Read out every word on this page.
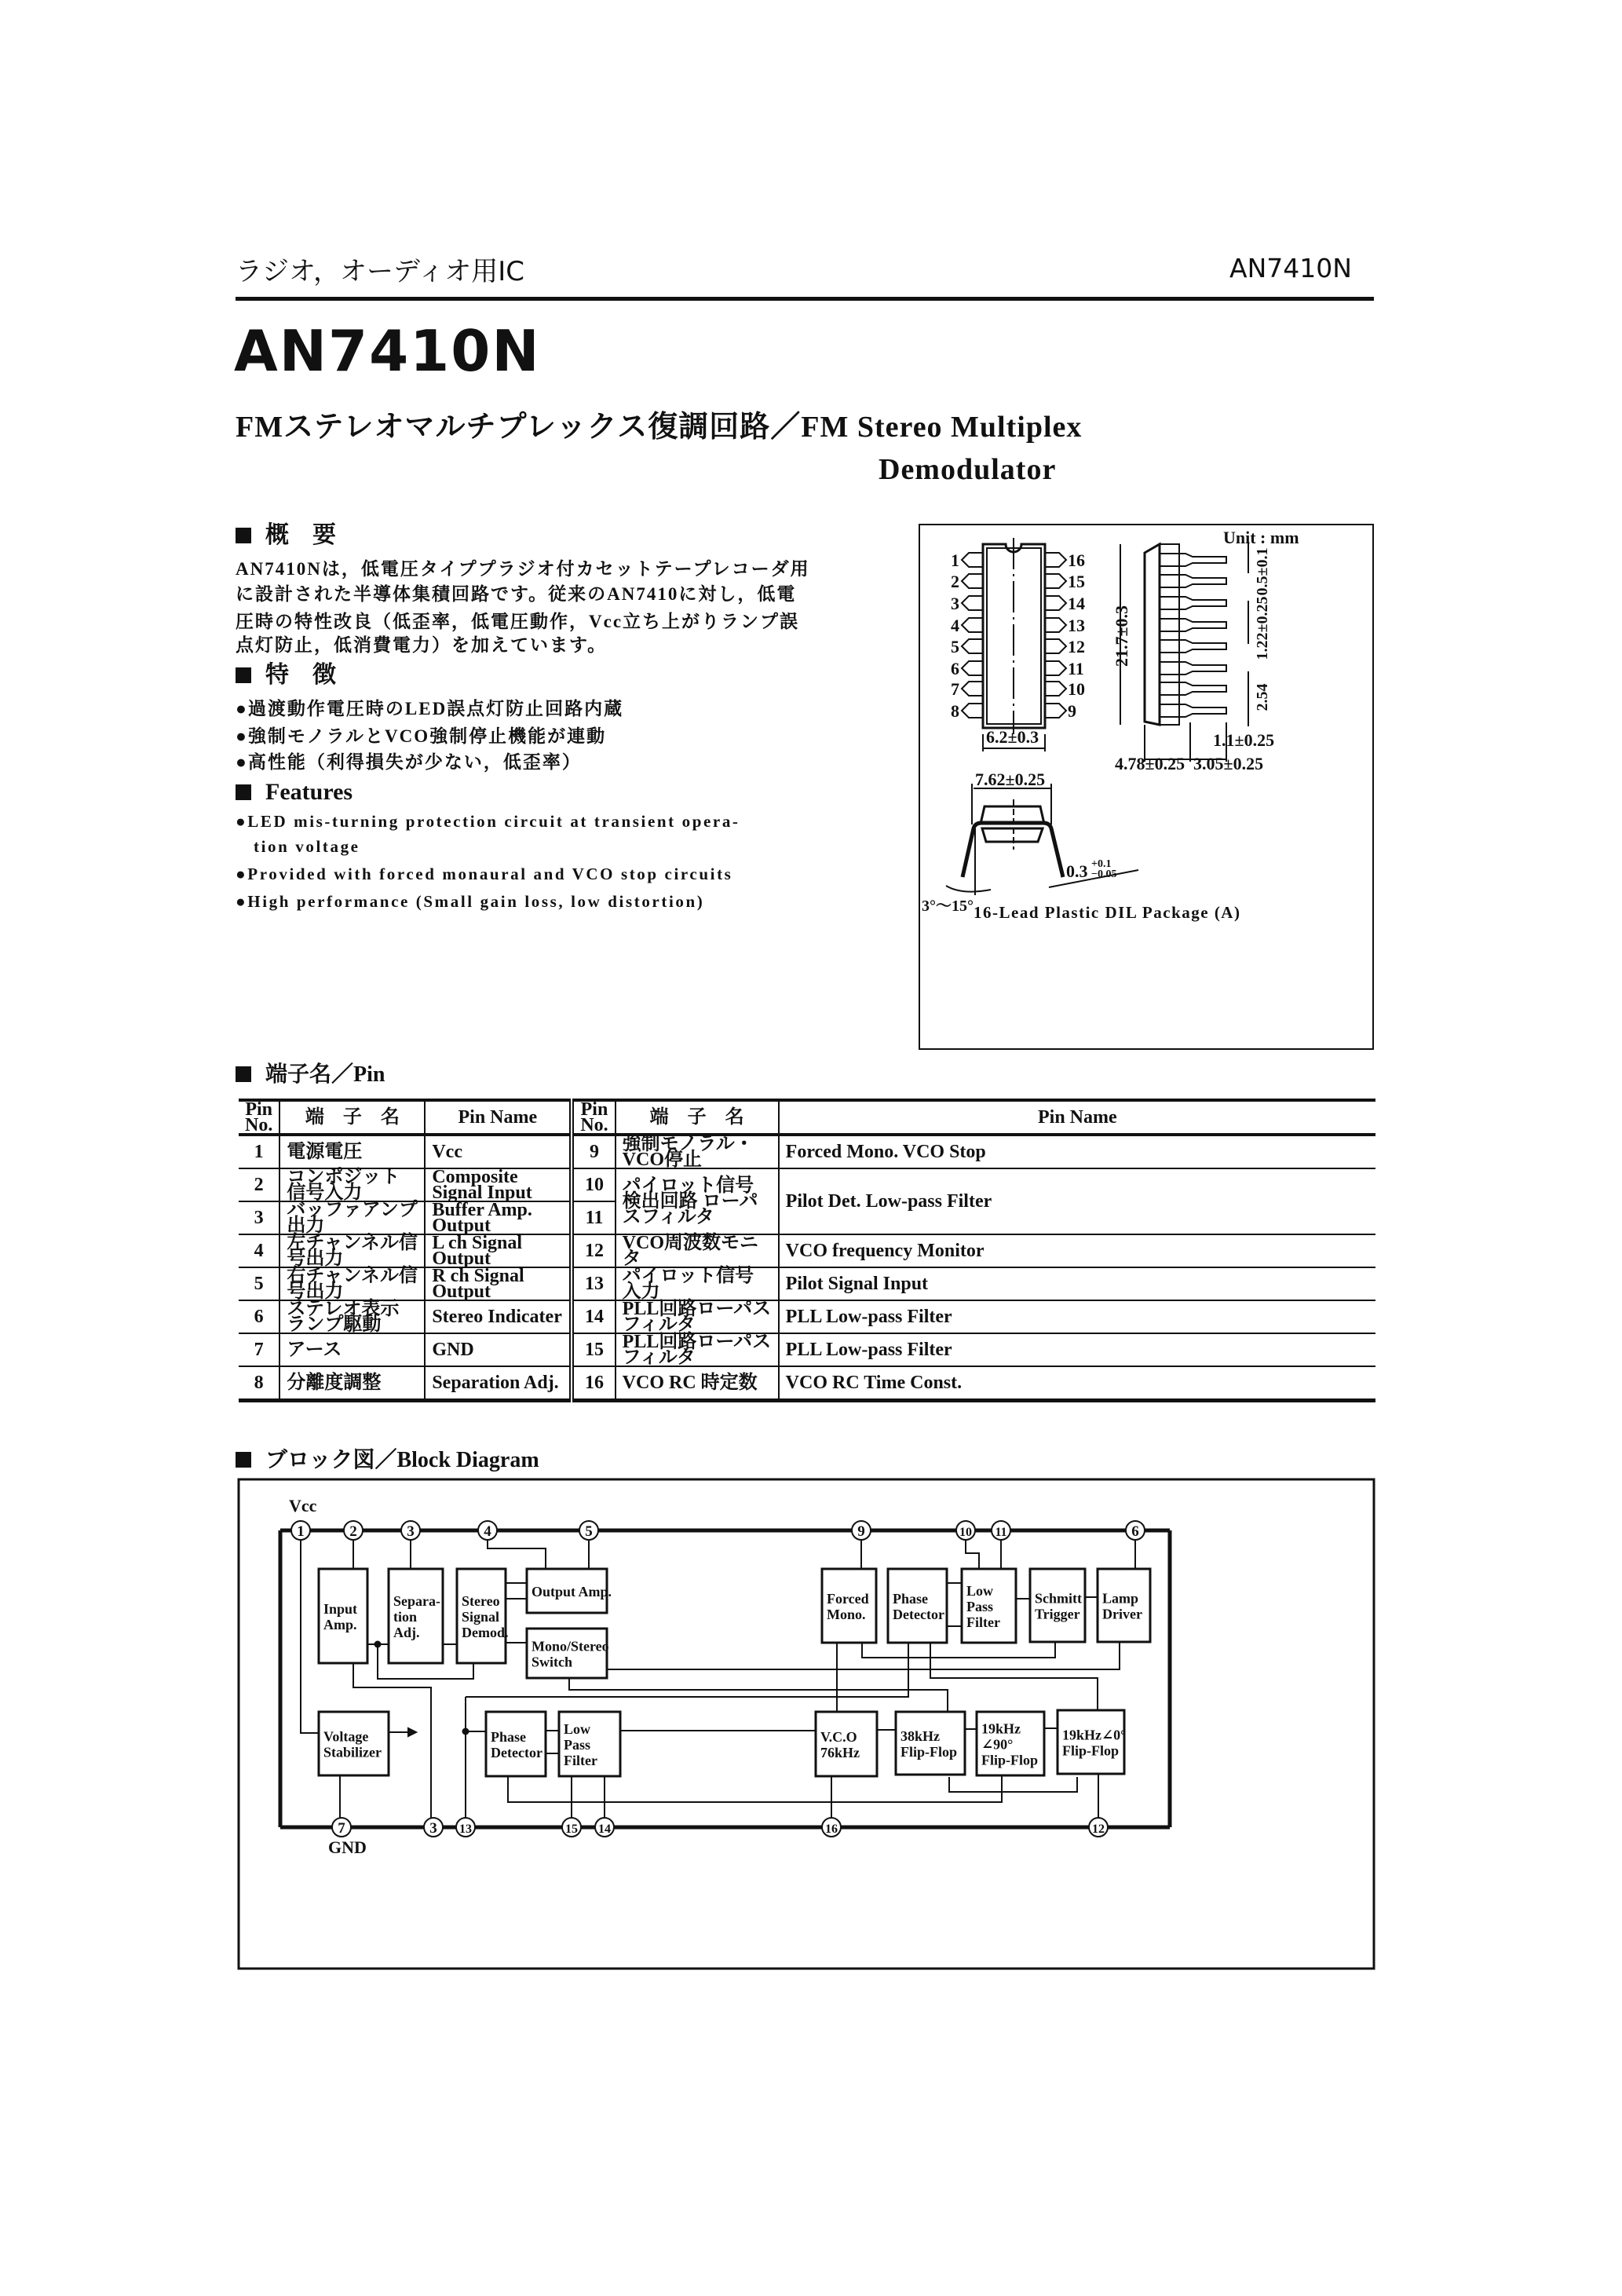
ラジオ，オーディオ用IC	AN7410N
AN7410N
FMステレオマルチプレックス復調回路／FM Stereo Multiplex
Demodulator
概　要
AN7410Nは，低電圧タイププラジオ付カセットテープレコーダ用
に設計された半導体集積回路です。従来のAN7410に対し，低電
圧時の特性改良（低歪率，低電圧動作，Vcc立ち上がりランプ誤
点灯防止，低消費電力）を加えています。
特　徴
●過渡動作電圧時のLED誤点灯防止回路内蔵
●強制モノラルとVCO強制停止機能が連動
●高性能（利得損失が少ない，低歪率）
Features
●LED mis-turning protection circuit at transient opera-
tion voltage
●Provided with forced monaural and VCO stop circuits
●High performance (Small gain loss, low distortion)
Unit : mm
1	16
2	15
3	14
4	13
5	12
6	11
7	10
8	9
6.2±0.3
21.7±0.3
0.5±0.1
1.22±0.25
2.54
1.1±0.25
4.78±0.25 3.05±0.25
7.62±0.25
0.3 +0.1
−0.05
3°〜15° 16-Lead Plastic DIL Package (A)
端子名／Pin
Pin No.	端　子　名	Pin Name	Pin No.	端　子　名	Pin Name
1	電源電圧	Vcc	9	強制モノラル・VCO停止	Forced Mono. VCO Stop
2	コンポジット信号入力	Composite Signal Input	10	パイロット信号検出回路 ローパスフィルタ	Pilot Det. Low-pass Filter
3	バッファアンプ出力	Buffer Amp. Output	11		
4	左チャンネル信号出力	L ch Signal Output	12	VCO周波数モニタ	VCO frequency Monitor
5	右チャンネル信号出力	R ch Signal Output	13	パイロット信号入力	Pilot Signal Input
6	ステレオ表示ランプ駆動	Stereo Indicater	14	PLL回路ローパスフィルタ	PLL Low-pass Filter
7	アース	GND	15	PLL回路ローパスフィルタ	PLL Low-pass Filter
8	分離度調整	Separation Adj.	16	VCO RC 時定数	VCO RC Time Const.
ブロック図／Block Diagram
Input Amp.
Separa-tion Adj.
Stereo Signal Demod.
Output Amp.
Mono/Stereo Switch
Forced Mono.
Phase Detector
Low Pass Filter
Schmitt Trigger
Lamp Driver
Voltage Stabilizer
Phase Detector
Low Pass Filter
V.C.O 76kHz
38kHz Flip-Flop
19kHz ∠90° Flip-Flop
19kHz∠0° Flip-Flop
1	2	3	4	5	9	10 11	6
7	3 13	15 14	16	12
Vcc
GND
